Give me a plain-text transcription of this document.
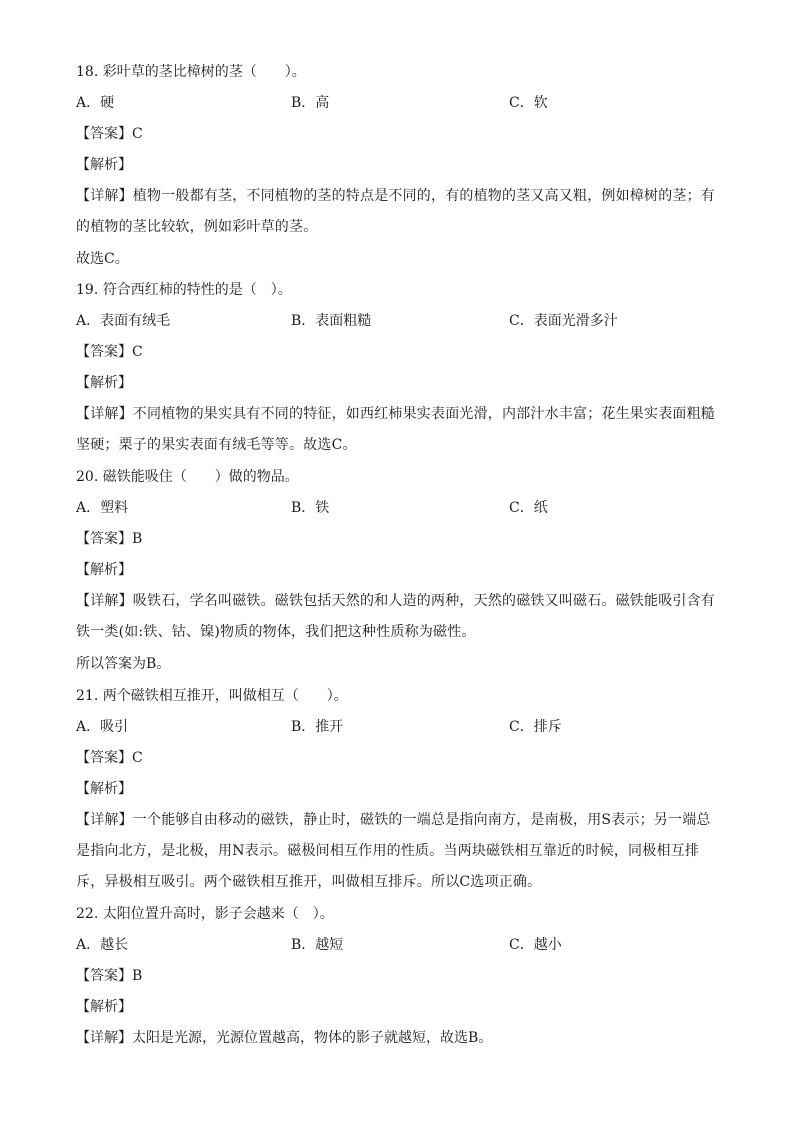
18. 彩叶草的茎比樟树的茎（　　）。
A．硬	B．高	C．软
【答案】C
【解析】
【详解】植物一般都有茎，不同植物的茎的特点是不同的，有的植物的茎又高又粗，例如樟树的茎；有的植物的茎比较软，例如彩叶草的茎。
故选C。
19. 符合西红柿的特性的是（　）。
A．表面有绒毛	B．表面粗糙	C．表面光滑多汁
【答案】C
【解析】
【详解】不同植物的果实具有不同的特征，如西红柿果实表面光滑，内部汁水丰富；花生果实表面粗糙坚硬；栗子的果实表面有绒毛等等。故选C。
20. 磁铁能吸住（　　）做的物品。
A．塑料	B．铁	C．纸
【答案】B
【解析】
【详解】吸铁石，学名叫磁铁。磁铁包括天然的和人造的两种，天然的磁铁又叫磁石。磁铁能吸引含有铁一类(如:铁、钴、镍)物质的物体，我们把这种性质称为磁性。
所以答案为B。
21. 两个磁铁相互推开，叫做相互（　　）。
A．吸引	B．推开	C．排斥
【答案】C
【解析】
【详解】一个能够自由移动的磁铁，静止时，磁铁的一端总是指向南方，是南极，用S表示；另一端总是指向北方，是北极，用N表示。磁极间相互作用的性质。当两块磁铁相互靠近的时候，同极相互排斥，异极相互吸引。两个磁铁相互推开，叫做相互排斥。所以C选项正确。
22. 太阳位置升高时，影子会越来（　）。
A．越长	B．越短	C．越小
【答案】B
【解析】
【详解】太阳是光源，光源位置越高，物体的影子就越短，故选B。
